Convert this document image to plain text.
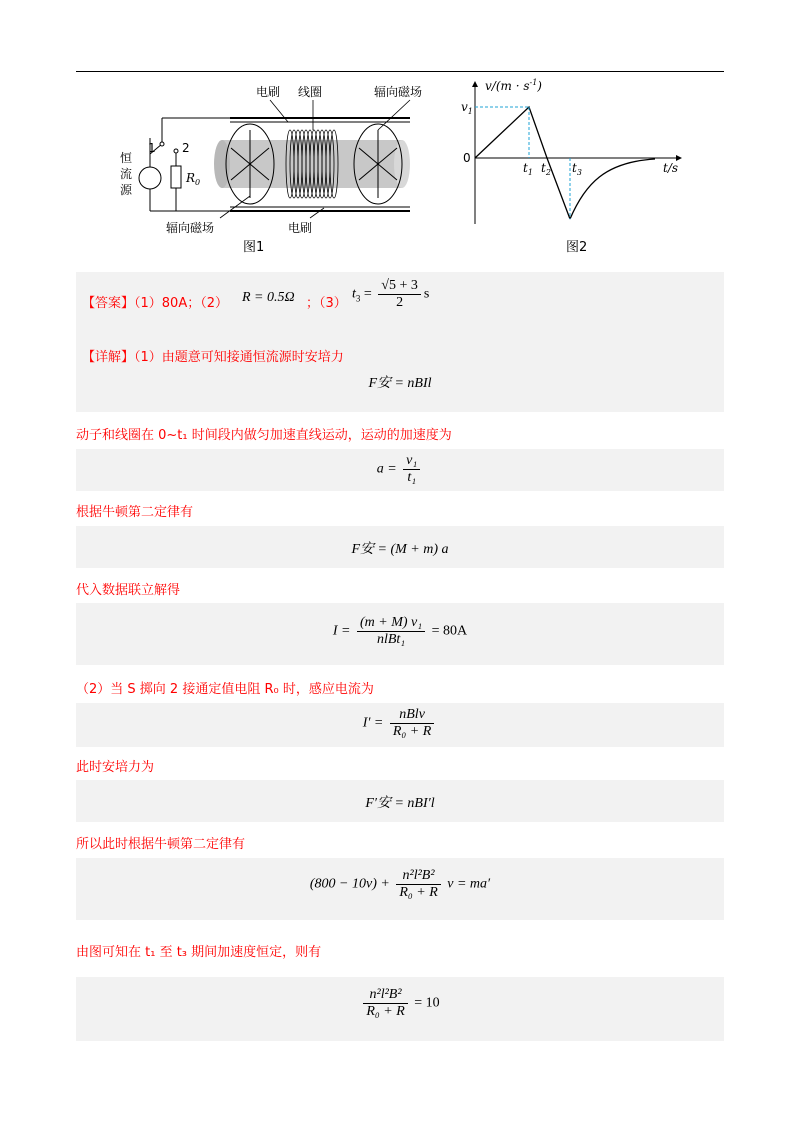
电刷 线圈	辐向磁场
1 2
恒流源
$R_0$
辐向磁场	电刷
图1
$v/(m \cdot s^{-1})$
$v_1$
0
t/s
$t_1$ $t_2$ $t_3$
图2
【答案】（1）80A；（2） R = 0.5Ω ；（3）
$t_3 = \frac{√5 + 3}{2}$ s
【详解】（1）由题意可知接通恒流源时安培力
F安 = nBIl
动子和线圈在 0~t₁ 时间段内做匀加速直线运动，运动的加速度为
$a = \frac{\text{v₁}}{\text{t₁}}$
根据牛顿第二定律有
F安 = (M + m) a
代入数据联立解得
$I = \frac{\text{(m + M) v₁}}{\text{nlBt₁}} = 80A$
（2）当 S 掷向 2 接通定值电阻 R₀ 时，感应电流为
$I' = \frac{\text{nBlv}}{\text{R₀ + R}}$
此时安培力为
F′安 = nBI′l
所以此时根据牛顿第二定律有
$(800 - 10v) + \frac{\text{n²l²B²}}{\text{R₀ + R}}$ v = ma′
由图可知在 t₁ 至 t₃ 期间加速度恒定，则有
$\frac{\text{n²l²B²}}{\text{R₀ + R}} = 10$
